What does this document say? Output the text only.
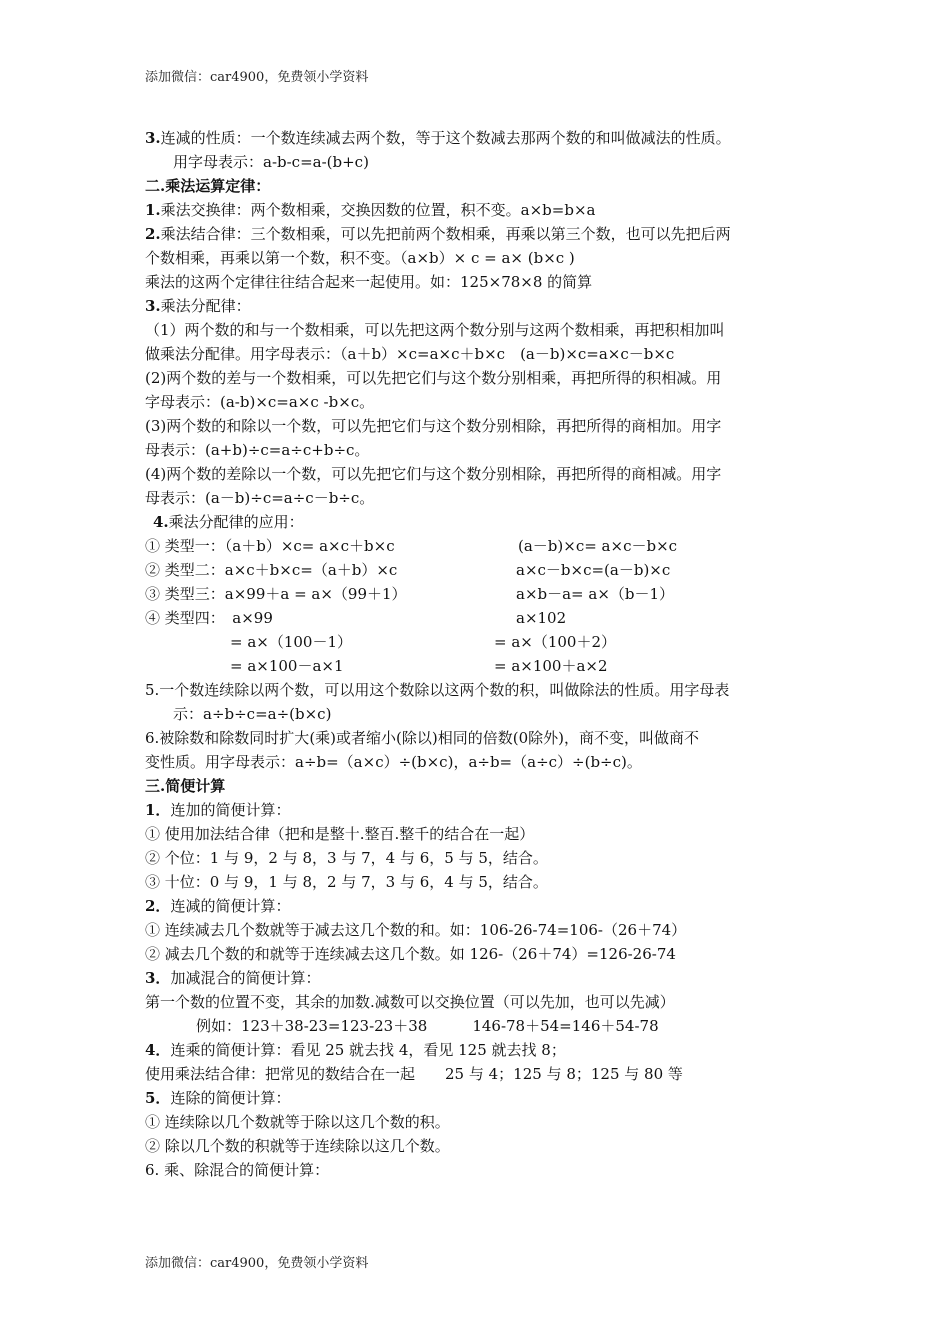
添加微信：car4900，免费领小学资料
3.连减的性质：一个数连续减去两个数，等于这个数减去那两个数的和叫做减法的性质。
用字母表示：a-b-c=a-(b+c)
二.乘法运算定律：
1.乘法交换律：两个数相乘，交换因数的位置，积不变。a×b=b×a
2.乘法结合律：三个数相乘，可以先把前两个数相乘，再乘以第三个数，也可以先把后两
个数相乘，再乘以第一个数，积不变。（a×b）× c = a× (b×c )
乘法的这两个定律往往结合起来一起使用。如：125×78×8 的简算
3.乘法分配律：
（1）两个数的和与一个数相乘，可以先把这两个数分别与这两个数相乘，再把积相加叫
做乘法分配律。用字母表示：（a＋b）×c=a×c＋b×c　(a－b)×c=a×c－b×c
(2)两个数的差与一个数相乘，可以先把它们与这个数分别相乘，再把所得的积相减。用
字母表示：(a-b)×c=a×c -b×c。
(3)两个数的和除以一个数，可以先把它们与这个数分别相除，再把所得的商相加。用字
母表示：(a+b)÷c=a÷c+b÷c。
(4)两个数的差除以一个数，可以先把它们与这个数分别相除，再把所得的商相减。用字
母表示：(a－b)÷c=a÷c－b÷c。
4.乘法分配律的应用：
① 类型一：（a＋b）×c= a×c＋b×c	(a－b)×c= a×c－b×c
② 类型二：a×c＋b×c=（a＋b）×c	a×c－b×c=(a－b)×c
③ 类型三：a×99＋a = a×（99＋1）	a×b－a= a×（b－1）
④ 类型四：　a×99	a×102
= a×（100－1）	= a×（100＋2）
= a×100－a×1	= a×100＋a×2
5.一个数连续除以两个数，可以用这个数除以这两个数的积，叫做除法的性质。用字母表
示：a÷b÷c=a÷(b×c)
6.被除数和除数同时扩大(乘)或者缩小(除以)相同的倍数(0除外)，商不变，叫做商不
变性质。用字母表示：a÷b=（a×c）÷(b×c)，a÷b=（a÷c）÷(b÷c)。
三.简便计算
1．连加的简便计算：
① 使用加法结合律（把和是整十.整百.整千的结合在一起）
② 个位：1 与 9，2 与 8，3 与 7，4 与 6，5 与 5，结合。
③ 十位：0 与 9，1 与 8，2 与 7，3 与 6，4 与 5，结合。
2．连减的简便计算：
① 连续减去几个数就等于减去这几个数的和。如：106-26-74=106-（26＋74）
② 减去几个数的和就等于连续减去这几个数。如 126-（26＋74）=126-26-74
3．加减混合的简便计算：
第一个数的位置不变，其余的加数.减数可以交换位置（可以先加，也可以先减）
例如：123＋38-23=123-23＋38　　　146-78＋54=146＋54-78
4．连乘的简便计算：看见 25 就去找 4，看见 125 就去找 8；
使用乘法结合律：把常见的数结合在一起　　25 与 4；125 与 8；125 与 80 等
5．连除的简便计算：
① 连续除以几个数就等于除以这几个数的积。
② 除以几个数的积就等于连续除以这几个数。
6. 乘、除混合的简便计算：
添加微信：car4900，免费领小学资料
